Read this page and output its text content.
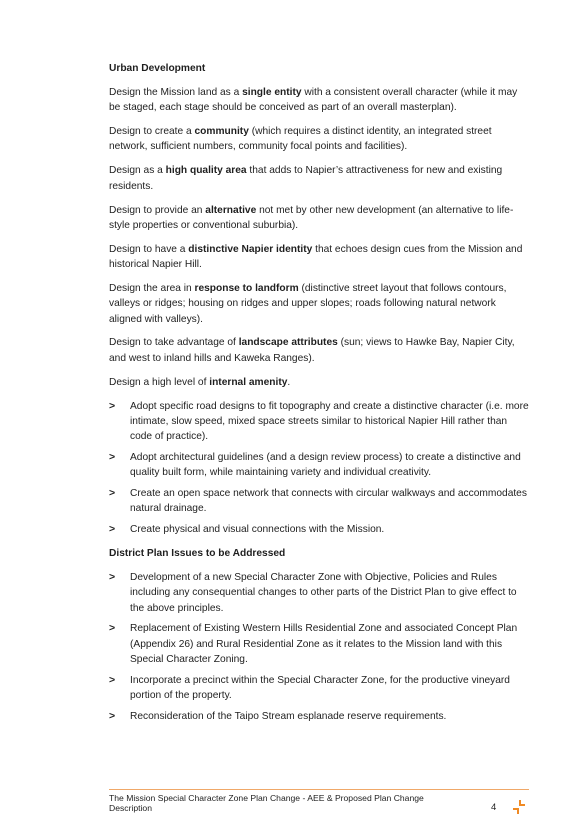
Urban Development

Design the Mission land as a single entity with a consistent overall character (while it may be staged, each stage should be conceived as part of an overall masterplan).

Design to create a community (which requires a distinct identity, an integrated street network, sufficient numbers, community focal points and facilities).

Design as a high quality area that adds to Napier’s attractiveness for new and existing residents.

Design to provide an alternative not met by other new development (an alternative to life-style properties or conventional suburbia).

Design to have a distinctive Napier identity that echoes design cues from the Mission and historical Napier Hill.

Design the area in response to landform (distinctive street layout that follows contours, valleys or ridges; housing on ridges and upper slopes; roads following natural network aligned with valleys).

Design to take advantage of landscape attributes (sun; views to Hawke Bay, Napier City, and west to inland hills and Kaweka Ranges).

Design a high level of internal amenity.

> Adopt specific road designs to fit topography and create a distinctive character (i.e. more intimate, slow speed, mixed space streets similar to historical Napier Hill rather than code of practice).
> Adopt architectural guidelines (and a design review process) to create a distinctive and quality built form, while maintaining variety and individual creativity.
> Create an open space network that connects with circular walkways and accommodates natural drainage.
> Create physical and visual connections with the Mission.
District Plan Issues to be Addressed
> Development of a new Special Character Zone with Objective, Policies and Rules including any consequential changes to other parts of the District Plan to give effect to the above principles.
> Replacement of Existing Western Hills Residential Zone and associated Concept Plan (Appendix 26) and Rural Residential Zone as it relates to the Mission land with this Special Character Zoning.
> Incorporate a precinct within the Special Character Zone, for the productive vineyard portion of the property.
> Reconsideration of the Taipo Stream esplanade reserve requirements.
The Mission Special Character Zone Plan Change - AEE & Proposed Plan Change Description	4
